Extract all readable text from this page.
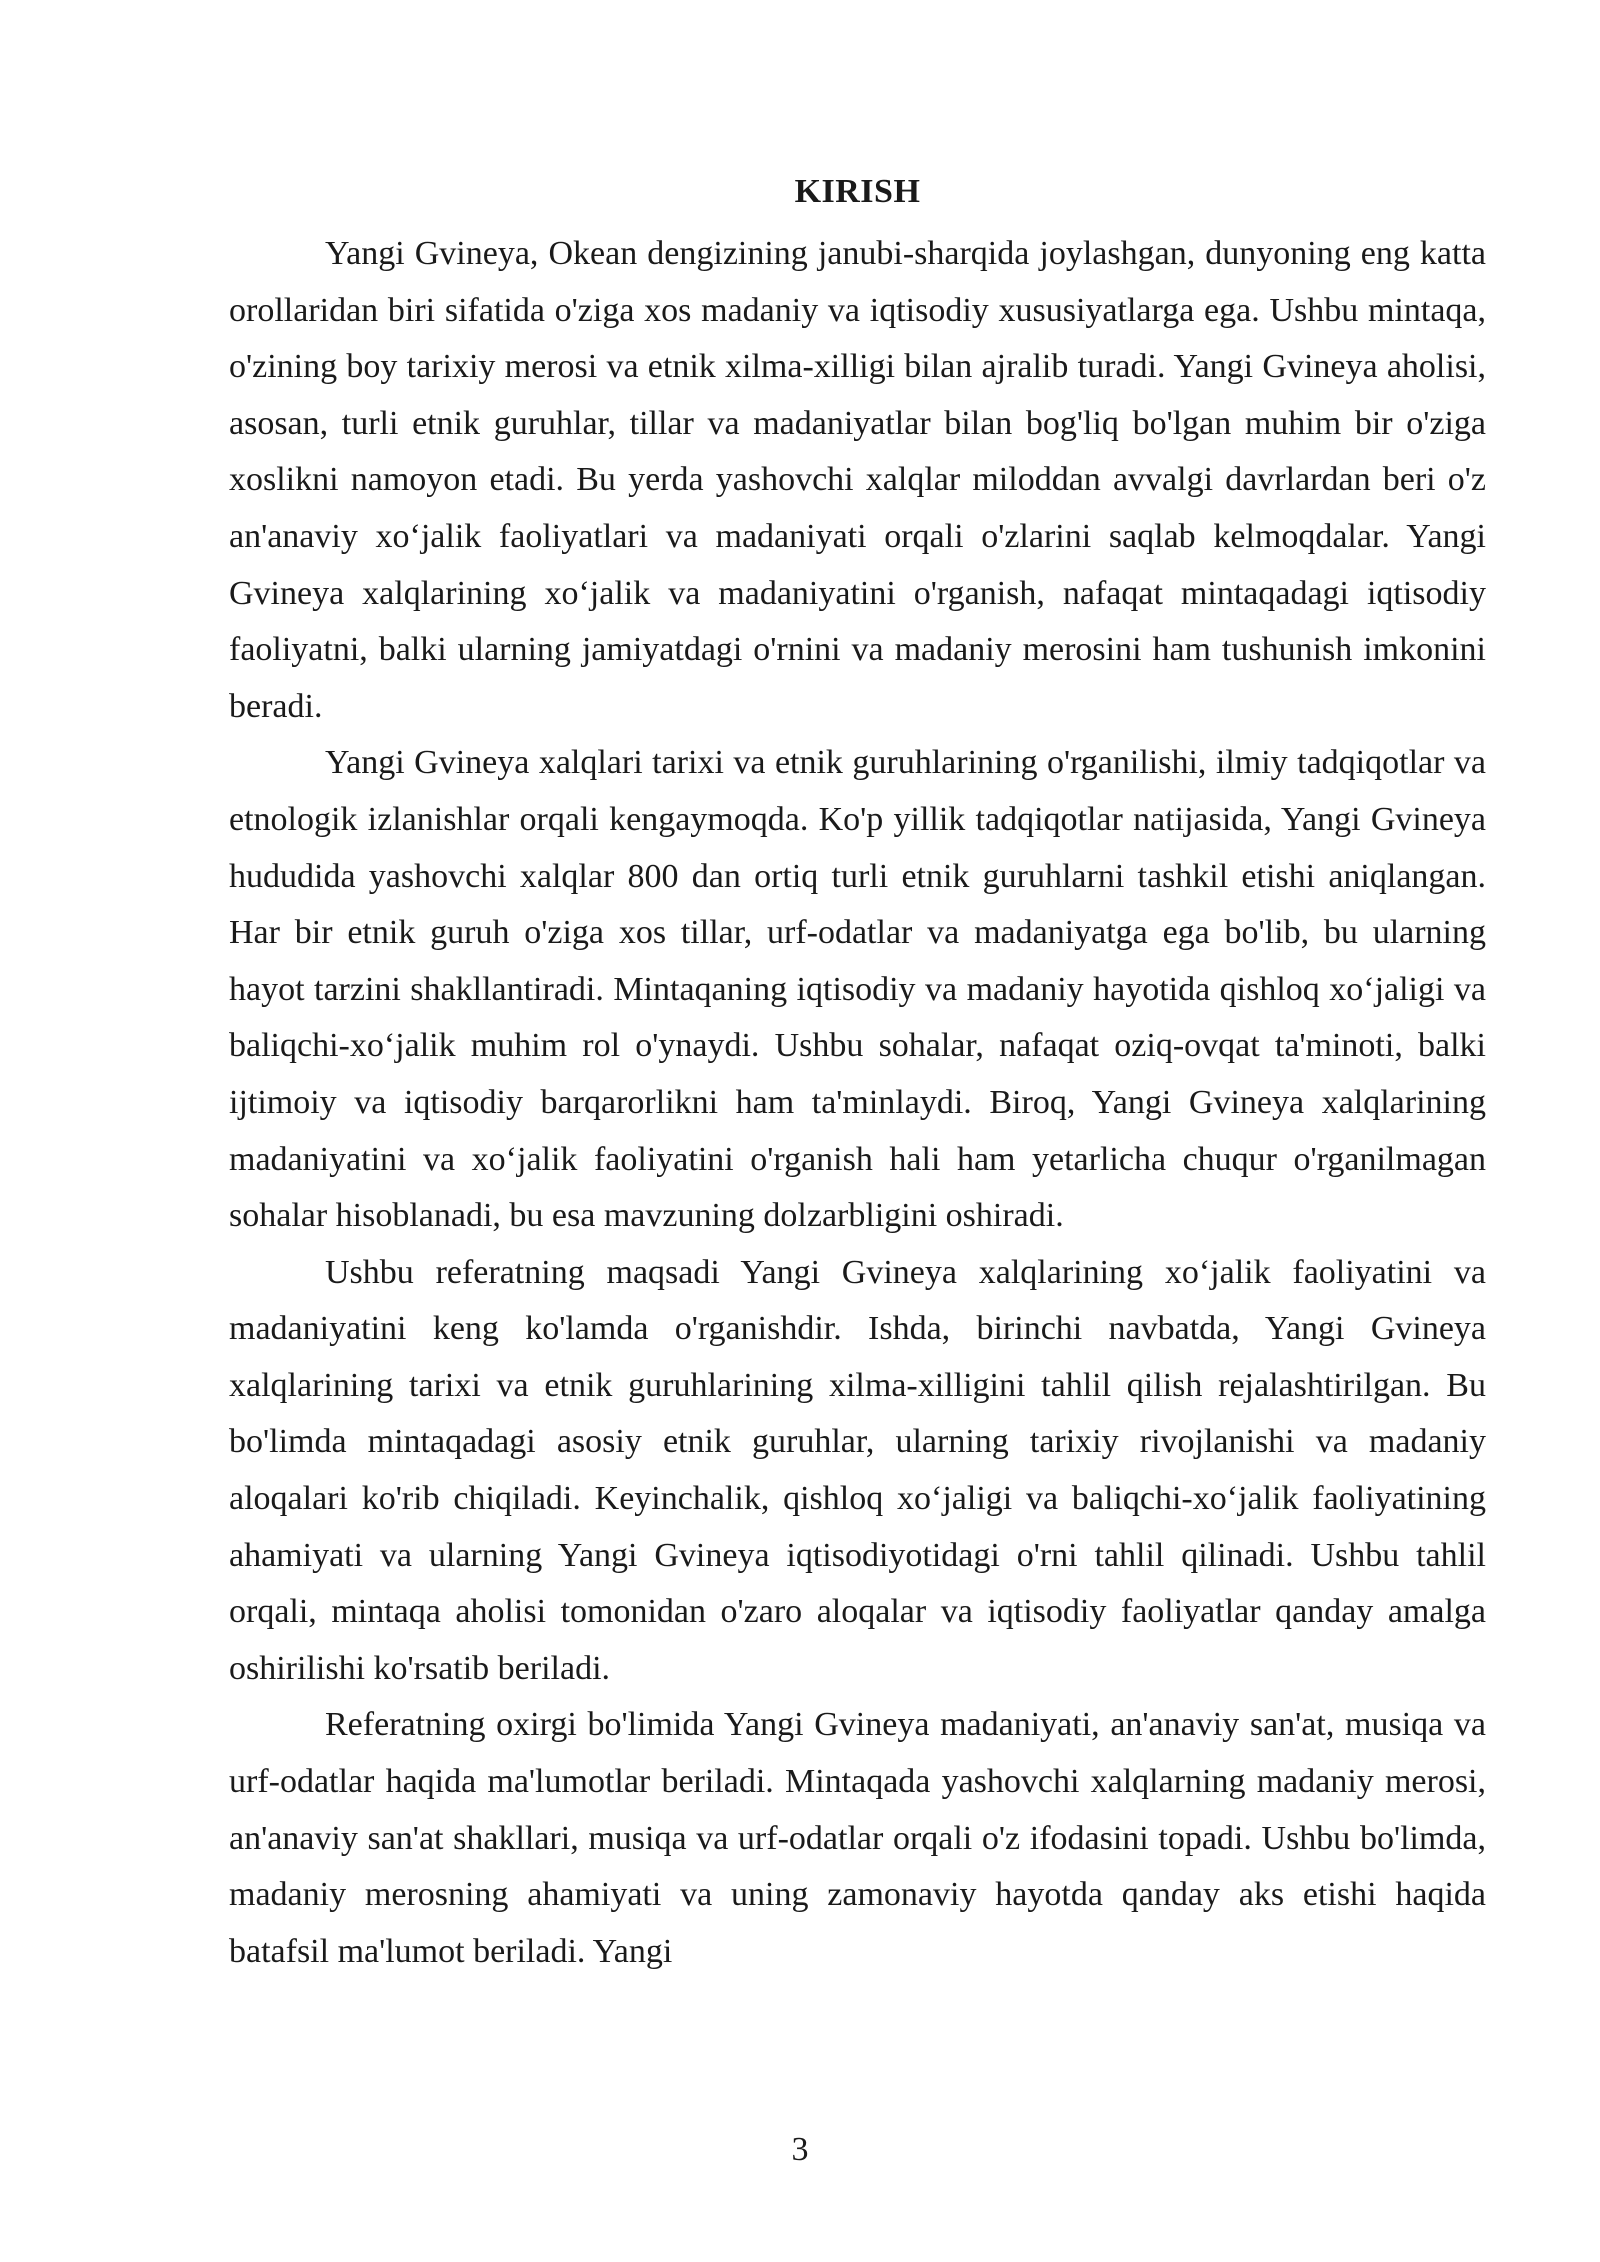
KIRISH

Yangi Gvineya, Okean dengizining janubi-sharqida joylashgan, dunyoning eng katta orollaridan biri sifatida o'ziga xos madaniy va iqtisodiy xususiyatlarga ega. Ushbu mintaqa, o'zining boy tarixiy merosi va etnik xilma-xilligi bilan ajralib turadi. Yangi Gvineya aholisi, asosan, turli etnik guruhlar, tillar va madaniyatlar bilan bog'liq bo'lgan muhim bir o'ziga xoslikni namoyon etadi. Bu yerda yashovchi xalqlar miloddan avvalgi davrlardan beri o'z an'anaviy xo‘jalik faoliyatlari va madaniyati orqali o'zlarini saqlab kelmoqdalar. Yangi Gvineya xalqlarining xo‘jalik va madaniyatini o'rganish, nafaqat mintaqadagi iqtisodiy faoliyatni, balki ularning jamiyatdagi o'rnini va madaniy merosini ham tushunish imkonini beradi.

Yangi Gvineya xalqlari tarixi va etnik guruhlarining o'rganilishi, ilmiy tadqiqotlar va etnologik izlanishlar orqali kengaymoqda. Ko'p yillik tadqiqotlar natijasida, Yangi Gvineya hududida yashovchi xalqlar 800 dan ortiq turli etnik guruhlarni tashkil etishi aniqlangan. Har bir etnik guruh o'ziga xos tillar, urf-odatlar va madaniyatga ega bo'lib, bu ularning hayot tarzini shakllantiradi. Mintaqaning iqtisodiy va madaniy hayotida qishloq xo‘jaligi va baliqchi-xo‘jalik muhim rol o'ynaydi. Ushbu sohalar, nafaqat oziq-ovqat ta'minoti, balki ijtimoiy va iqtisodiy barqarorlikni ham ta'minlaydi. Biroq, Yangi Gvineya xalqlarining madaniyatini va xo‘jalik faoliyatini o'rganish hali ham yetarlicha chuqur o'rganilmagan sohalar hisoblanadi, bu esa mavzuning dolzarbligini oshiradi.

Ushbu referatning maqsadi Yangi Gvineya xalqlarining xo‘jalik faoliyatini va madaniyatini keng ko'lamda o'rganishdir. Ishda, birinchi navbatda, Yangi Gvineya xalqlarining tarixi va etnik guruhlarining xilma-xilligini tahlil qilish rejalashtirilgan. Bu bo'limda mintaqadagi asosiy etnik guruhlar, ularning tarixiy rivojlanishi va madaniy aloqalari ko'rib chiqiladi. Keyinchalik, qishloq xo‘jaligi va baliqchi-xo‘jalik faoliyatining ahamiyati va ularning Yangi Gvineya iqtisodiyotidagi o'rni tahlil qilinadi. Ushbu tahlil orqali, mintaqa aholisi tomonidan o'zaro aloqalar va iqtisodiy faoliyatlar qanday amalga oshirilishi ko'rsatib beriladi.

Referatning oxirgi bo'limida Yangi Gvineya madaniyati, an'anaviy san'at, musiqa va urf-odatlar haqida ma'lumotlar beriladi. Mintaqada yashovchi xalqlarning madaniy merosi, an'anaviy san'at shakllari, musiqa va urf-odatlar orqali o'z ifodasini topadi. Ushbu bo'limda, madaniy merosning ahamiyati va uning zamonaviy hayotda qanday aks etishi haqida batafsil ma'lumot beriladi. Yangi

3
